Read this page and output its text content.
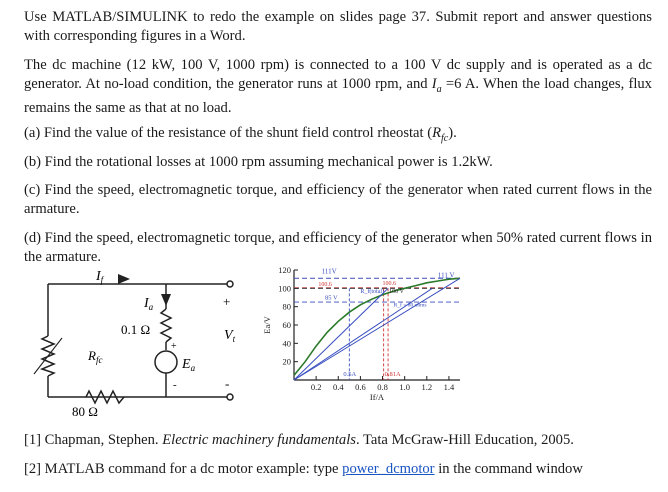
Use MATLAB/SIMULINK to redo the example on slides page 37. Submit report and answer questions with corresponding figures in a Word.

The dc machine (12 kW, 100 V, 1000 rpm) is connected to a 100 V dc supply and is operated as a dc generator. At no-load condition, the generator runs at 1000 rpm, and $I_a =6$ A. When the load changes, flux remains the same as that at no load.

(a) Find the value of the resistance of the shunt field control rheostat $(R_{fc})$.

(b) Find the rotational losses at 1000 rpm assuming mechanical power is 1.2kW.

(c) Find the speed, electromagnetic torque, and efficiency of the generator when rated current flows in the armature.

(d) Find the speed, electromagnetic torque, and efficiency of the generator when 50% rated current flows in the armature.

$I_f$
$I_a$
$R_{fc}$
0.1 Ω
80 Ω
+
-
+
-
$V_t$
$E_a$
20
40
60
80
100
120
0.2 0.4 0.6 0.8 1.0 1.2 1.4
If/A
Ea/V
111V
100.6
85 V
100.6
100 V
111 V
R_f(total)
R_f = 80 ohms
0.5A	0.81A

[1] Chapman, Stephen. Electric machinery fundamentals. Tata McGraw-Hill Education, 2005.

[2] MATLAB command for a dc motor example: type power_dcmotor in the command window
